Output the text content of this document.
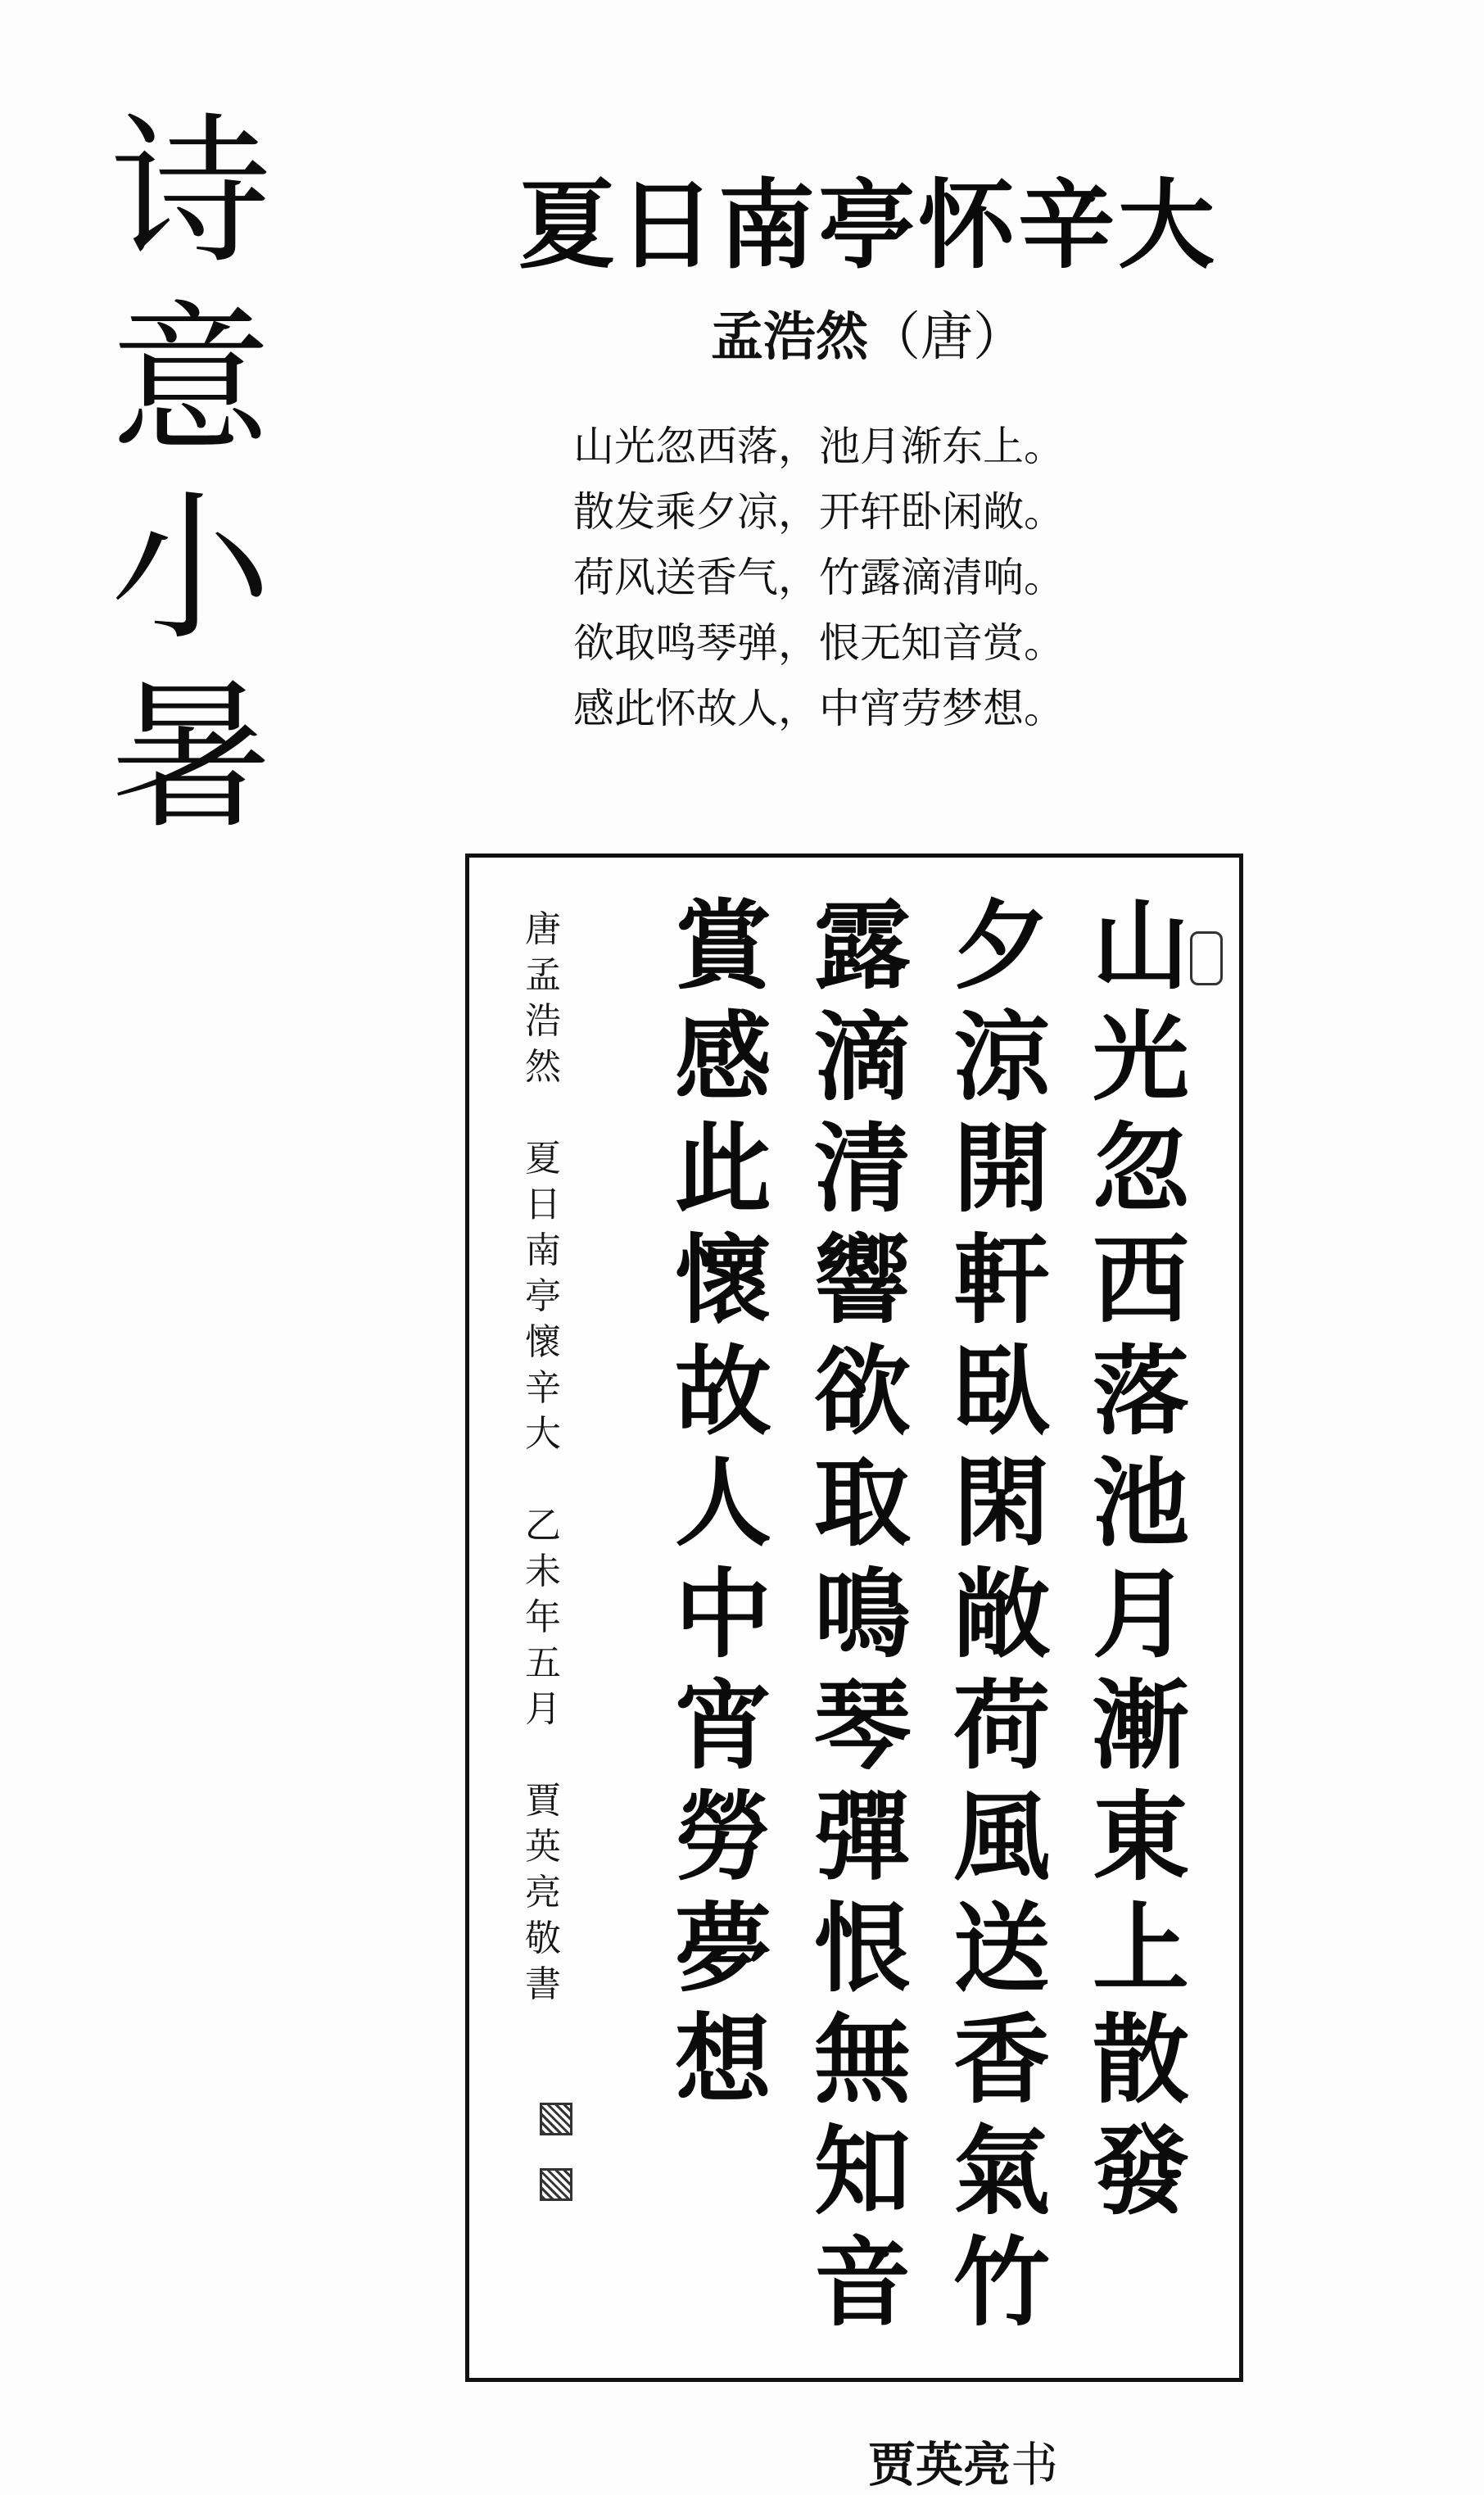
诗
意
小
暑
夏日南亭怀辛大
孟浩然（唐）
山光忽西落，池月渐东上。
散发乘夕凉，开轩卧闲敞。
荷风送香气，竹露滴清响。
欲取鸣琴弹，恨无知音赏。
感此怀故人，中宵劳梦想。
山
光
忽
西
落
池
月
漸
東
上
散
發
夕
涼
開
軒
臥
閑
敞
荷
風
送
香
氣
竹
露
滴
清
響
欲
取
鳴
琴
彈
恨
無
知
音
賞
感
此
懷
故
人
中
宵
勞
夢
想
唐
孟
浩
然

夏
日
南
亭
懷
辛
大

乙
未
年
五
月

賈
英
亮
敬
書
贾英亮书
